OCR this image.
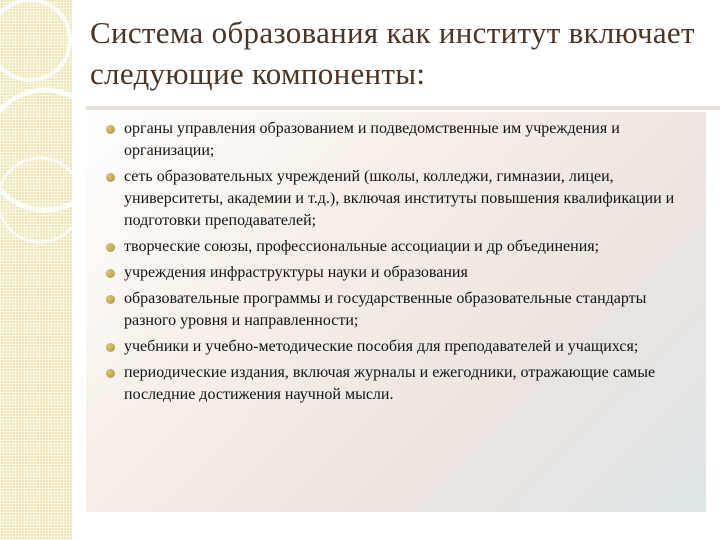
Система образования как институт включает следующие компоненты:
органы управления образованием и подведомственные им учреждения и организации;
сеть образовательных учреждений (школы, колледжи, гимназии, лицеи, университеты, академии и т.д.), включая институты повышения квалификации и подготовки преподавателей;
творческие союзы, профессиональные ассоциации и др объединения;
учреждения инфраструктуры науки и образования
образовательные программы и государственные образовательные стандарты разного уровня и направленности;
учебники и учебно-методические пособия для преподавателей и учащихся;
периодические издания, включая журналы и ежегодники, отражающие самые последние достижения научной мысли.
